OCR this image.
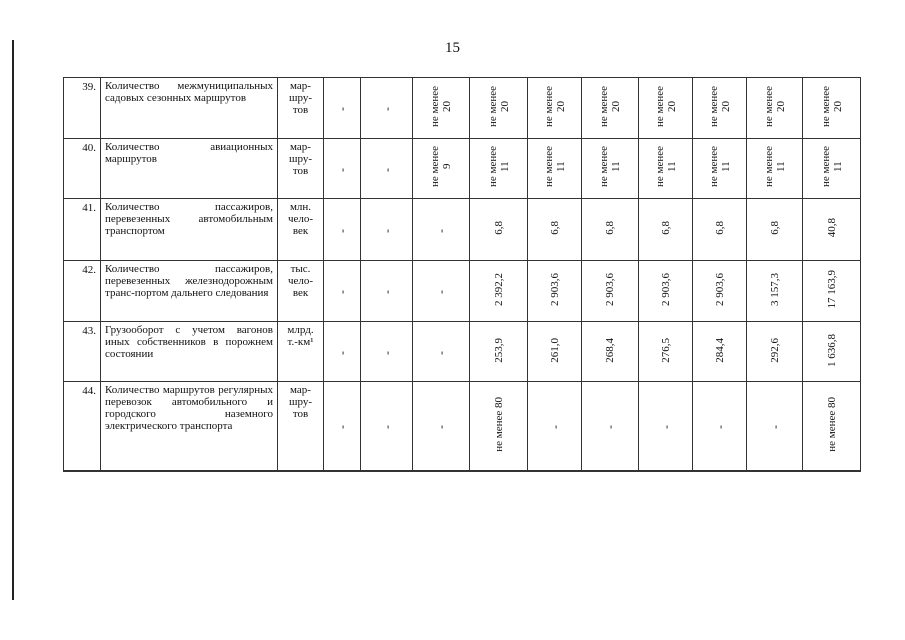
15
39.	Количество межмуниципальных садовых сезонных маршрутов	мар-
шру-
тов	-	-	не менее
20	не менее
20	не менее
20	не менее
20	не менее
20	не менее
20	не менее
20	не менее
20
40.	Количество авиационных маршрутов	мар-
шру-
тов	-	-	не менее
9	не менее
11	не менее
11	не менее
11	не менее
11	не менее
11	не менее
11	не менее
11
41.	Количество пассажиров, перевезенных автомобильным транспортом	млн.
чело-
век	-	-	-	6,8	6,8	6,8	6,8	6,8	6,8	40,8
42.	Количество пассажиров, перевезенных железнодорожным транс-портом дальнего следования	тыс.
чело-
век	-	-	-	2 392,2	2 903,6	2 903,6	2 903,6	2 903,6	3 157,3	17 163,9
43.	Грузооборот с учетом вагонов иных собственников в порожнем состоянии	млрд.
т.-км¹	-	-	-	253,9	261,0	268,4	276,5	284,4	292,6	1 636,8
44.	Количество маршрутов регулярных перевозок автомобильного и городского наземного электрического транспорта	мар-
шру-
тов	-	-	-	не менее 80	-	-	-	-	-	не менее 80
